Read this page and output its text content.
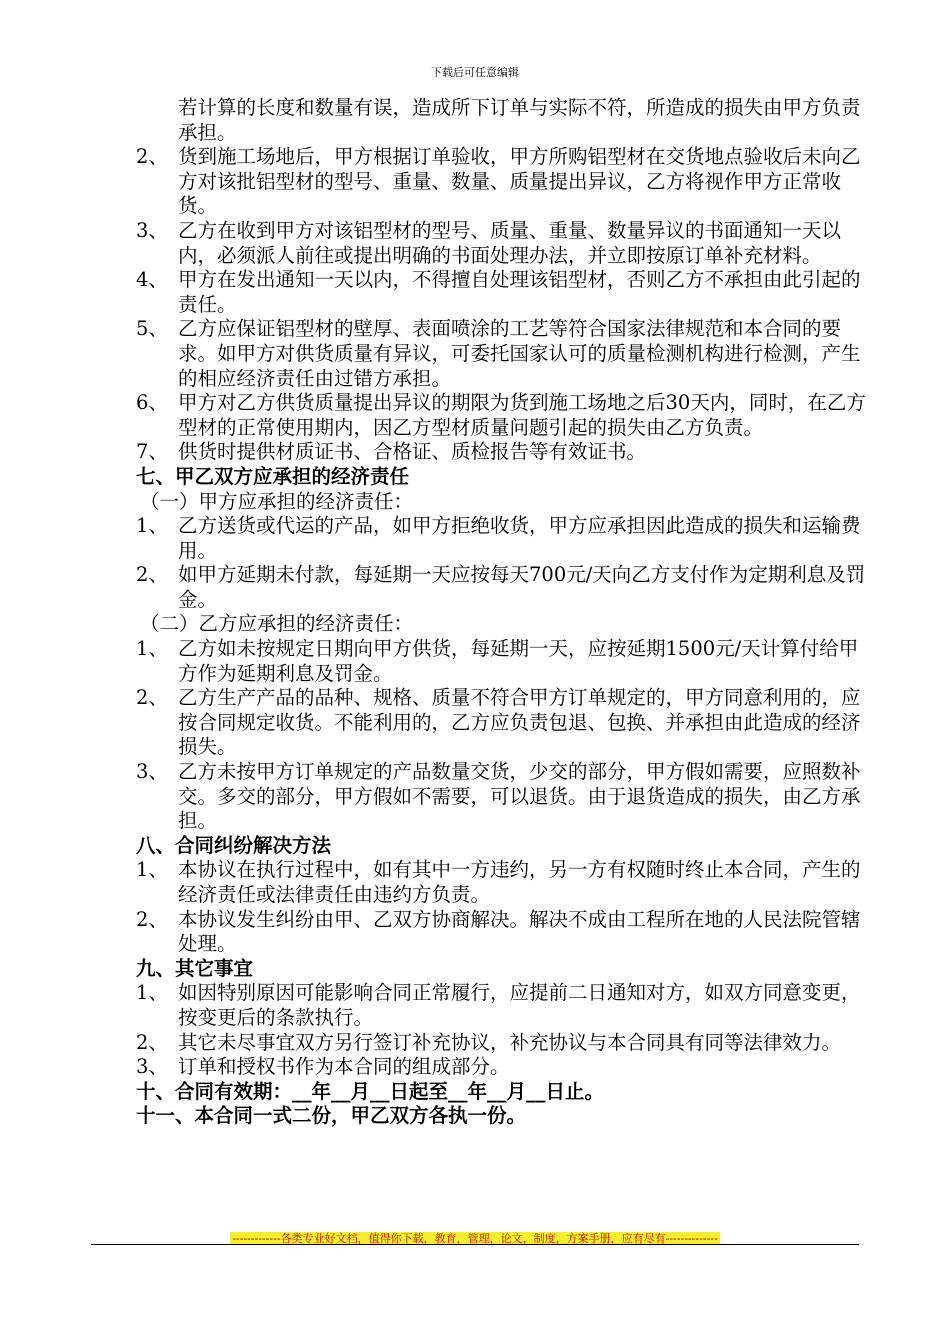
下载后可任意编辑
若计算的长度和数量有误，造成所下订单与实际不符，所造成的损失由甲方负责承担。
2、 货到施工场地后，甲方根据订单验收，甲方所购铝型材在交货地点验收后未向乙方对该批铝型材的型号、重量、数量、质量提出异议，乙方将视作甲方正常收货。
3、 乙方在收到甲方对该铝型材的型号、质量、重量、数量异议的书面通知一天以内，必须派人前往或提出明确的书面处理办法，并立即按原订单补充材料。
4、 甲方在发出通知一天以内，不得擅自处理该铝型材，否则乙方不承担由此引起的责任。
5、 乙方应保证铝型材的壁厚、表面喷涂的工艺等符合国家法律规范和本合同的要求。如甲方对供货质量有异议，可委托国家认可的质量检测机构进行检测，产生的相应经济责任由过错方承担。
6、 甲方对乙方供货质量提出异议的期限为货到施工场地之后30天内，同时，在乙方型材的正常使用期内，因乙方型材质量问题引起的损失由乙方负责。
7、 供货时提供材质证书、合格证、质检报告等有效证书。
七、甲乙双方应承担的经济责任
（一）甲方应承担的经济责任：
1、 乙方送货或代运的产品，如甲方拒绝收货，甲方应承担因此造成的损失和运输费用。
2、 如甲方延期未付款，每延期一天应按每天700元/天向乙方支付作为定期利息及罚金。
（二）乙方应承担的经济责任：
1、 乙方如未按规定日期向甲方供货，每延期一天，应按延期1500元/天计算付给甲方作为延期利息及罚金。
2、 乙方生产产品的品种、规格、质量不符合甲方订单规定的，甲方同意利用的，应按合同规定收货。不能利用的，乙方应负责包退、包换、并承担由此造成的经济损失。
3、 乙方未按甲方订单规定的产品数量交货，少交的部分，甲方假如需要，应照数补交。多交的部分，甲方假如不需要，可以退货。由于退货造成的损失，由乙方承担。
八、合同纠纷解决方法
1、 本协议在执行过程中，如有其中一方违约，另一方有权随时终止本合同，产生的经济责任或法律责任由违约方负责。
2、 本协议发生纠纷由甲、乙双方协商解决。解决不成由工程所在地的人民法院管辖处理。
九、其它事宜
1、 如因特别原因可能影响合同正常履行，应提前二日通知对方，如双方同意变更，按变更后的条款执行。
2、 其它未尽事宜双方另行签订补充协议，补充协议与本合同具有同等法律效力。
3、 订单和授权书作为本合同的组成部分。
十、合同有效期：__年__月__日起至__年__月__日止。
十一、本合同一式二份，甲乙双方各执一份。
-------------各类专业好文档，值得你下载，教育，管理，论文，制度，方案手册，应有尽有--------------
